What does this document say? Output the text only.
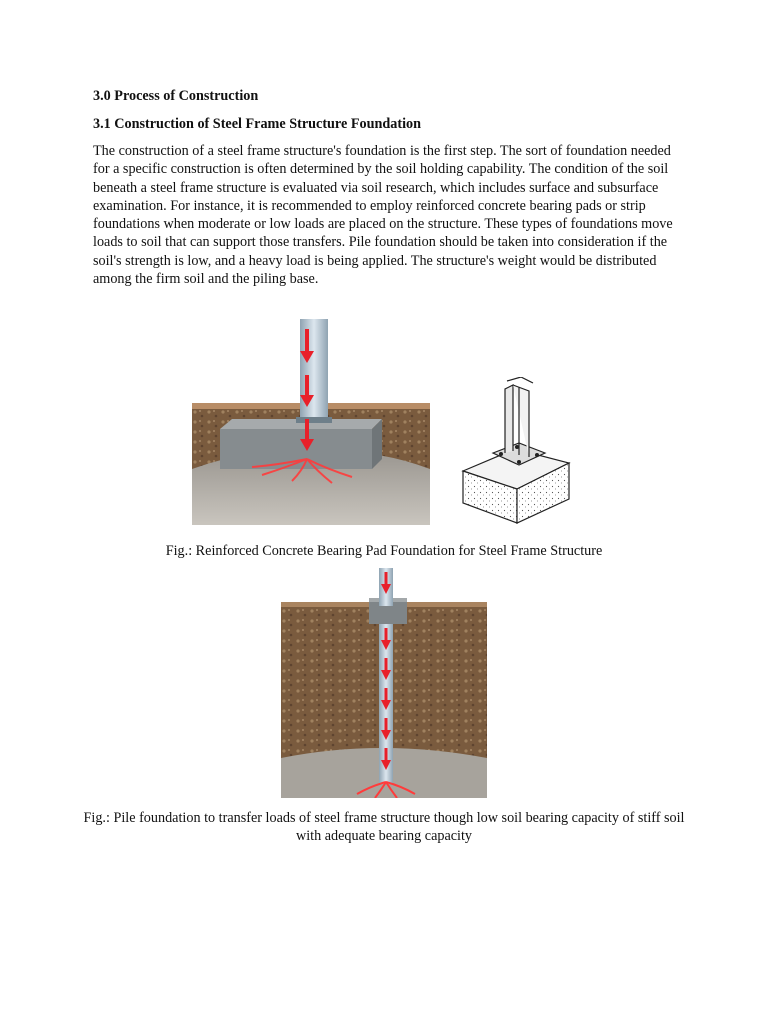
3.0 Process of Construction
3.1 Construction of Steel Frame Structure Foundation

The construction of a steel frame structure's foundation is the first step. The sort of foundation needed for a specific construction is often determined by the soil holding capability. The condition of the soil beneath a steel frame structure is evaluated via soil research, which includes surface and subsurface examination. For instance, it is recommended to employ reinforced concrete bearing pads or strip foundations when moderate or low loads are placed on the structure. These types of foundations move loads to soil that can support those transfers. Pile foundation should be taken into consideration if the soil's strength is low, and a heavy load is being applied. The structure's weight would be distributed among the firm soil and the piling base.

Fig.: Reinforced Concrete Bearing Pad Foundation for Steel Frame Structure

Fig.: Pile foundation to transfer loads of steel frame structure though low soil bearing capacity of stiff soil with adequate bearing capacity
